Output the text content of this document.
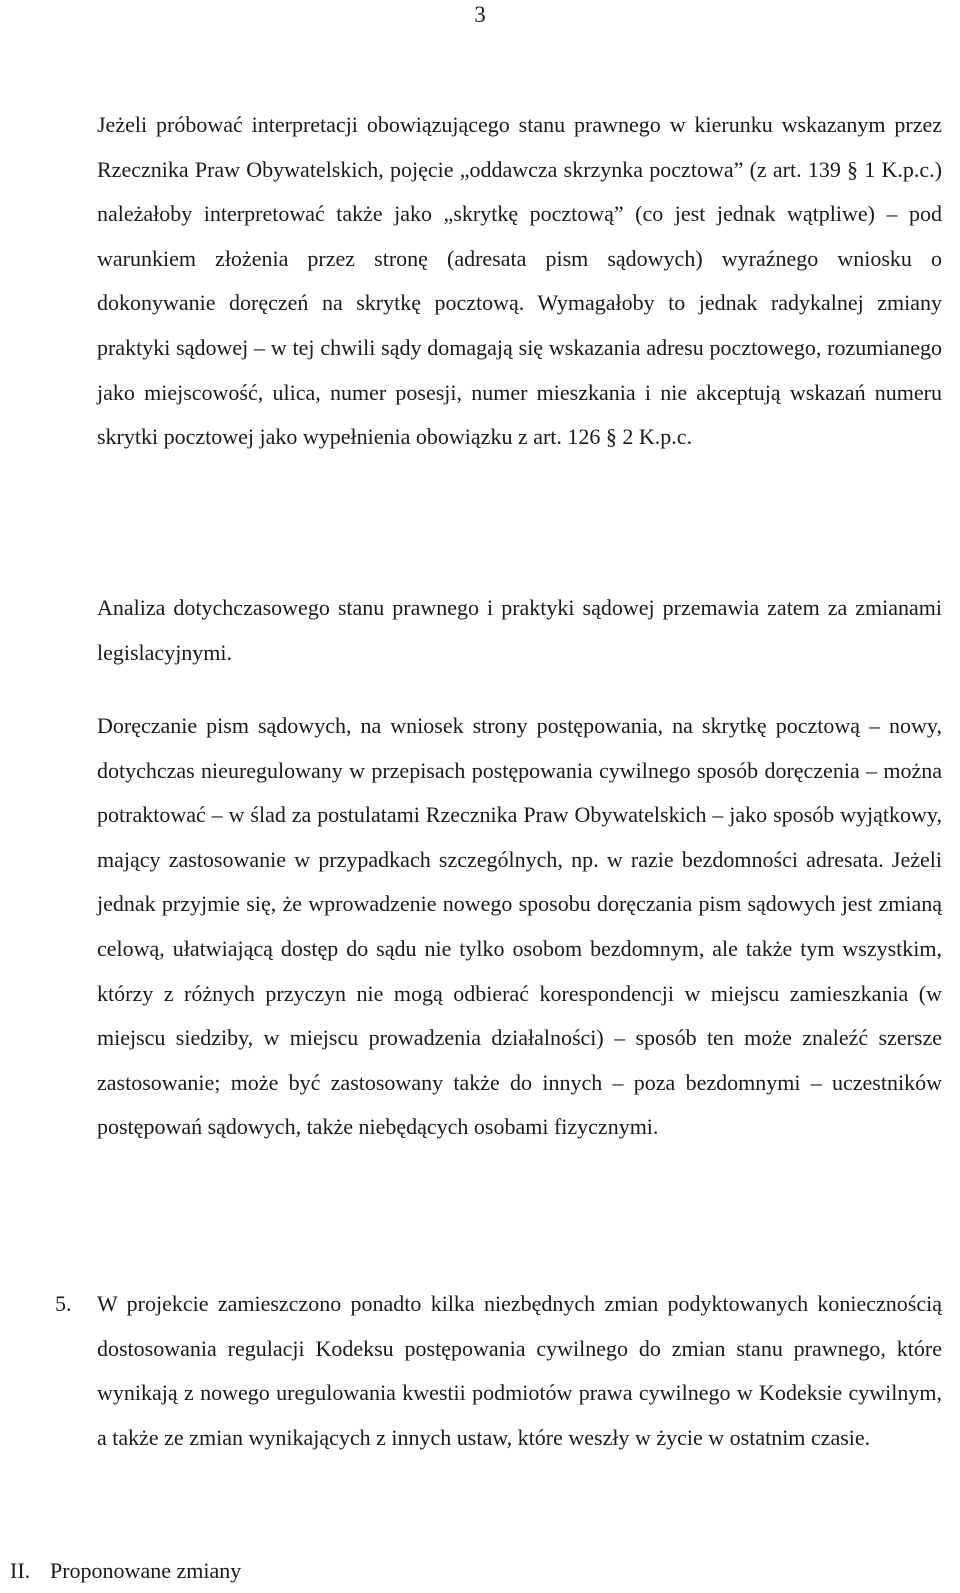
3

Jeżeli próbować interpretacji obowiązującego stanu prawnego w kierunku wskazanym przez Rzecznika Praw Obywatelskich, pojęcie „oddawcza skrzynka pocztowa” (z art. 139 § 1 K.p.c.) należałoby interpretować także jako „skrytkę pocztową” (co jest jednak wątpliwe) – pod warunkiem złożenia przez stronę (adresata pism sądowych) wyraźnego wniosku o dokonywanie doręczeń na skrytkę pocztową. Wymagałoby to jednak radykalnej zmiany praktyki sądowej – w tej chwili sądy domagają się wskazania adresu pocztowego, rozumianego jako miejscowość, ulica, numer posesji, numer mieszkania i nie akceptują wskazań numeru skrytki pocztowej jako wypełnienia obowiązku z art. 126 § 2 K.p.c.

Analiza dotychczasowego stanu prawnego i praktyki sądowej przemawia zatem za zmianami legislacyjnymi.

Doręczanie pism sądowych, na wniosek strony postępowania, na skrytkę pocztową – nowy, dotychczas nieuregulowany w przepisach postępowania cywilnego sposób doręczenia – można potraktować – w ślad za postulatami Rzecznika Praw Obywatelskich – jako sposób wyjątkowy, mający zastosowanie w przypadkach szczególnych, np. w razie bezdomności adresata. Jeżeli jednak przyjmie się, że wprowadzenie nowego sposobu doręczania pism sądowych jest zmianą celową, ułatwiającą dostęp do sądu nie tylko osobom bezdomnym, ale także tym wszystkim, którzy z różnych przyczyn nie mogą odbierać korespondencji w miejscu zamieszkania (w miejscu siedziby, w miejscu prowadzenia działalności) – sposób ten może znaleźć szersze zastosowanie; może być zastosowany także do innych – poza bezdomnymi – uczestników postępowań sądowych, także niebędących osobami fizycznymi.

5. W projekcie zamieszczono ponadto kilka niezbędnych zmian podyktowanych koniecznością dostosowania regulacji Kodeksu postępowania cywilnego do zmian stanu prawnego, które wynikają z nowego uregulowania kwestii podmiotów prawa cywilnego w Kodeksie cywilnym, a także ze zmian wynikających z innych ustaw, które weszły w życie w ostatnim czasie.

II. Proponowane zmiany
